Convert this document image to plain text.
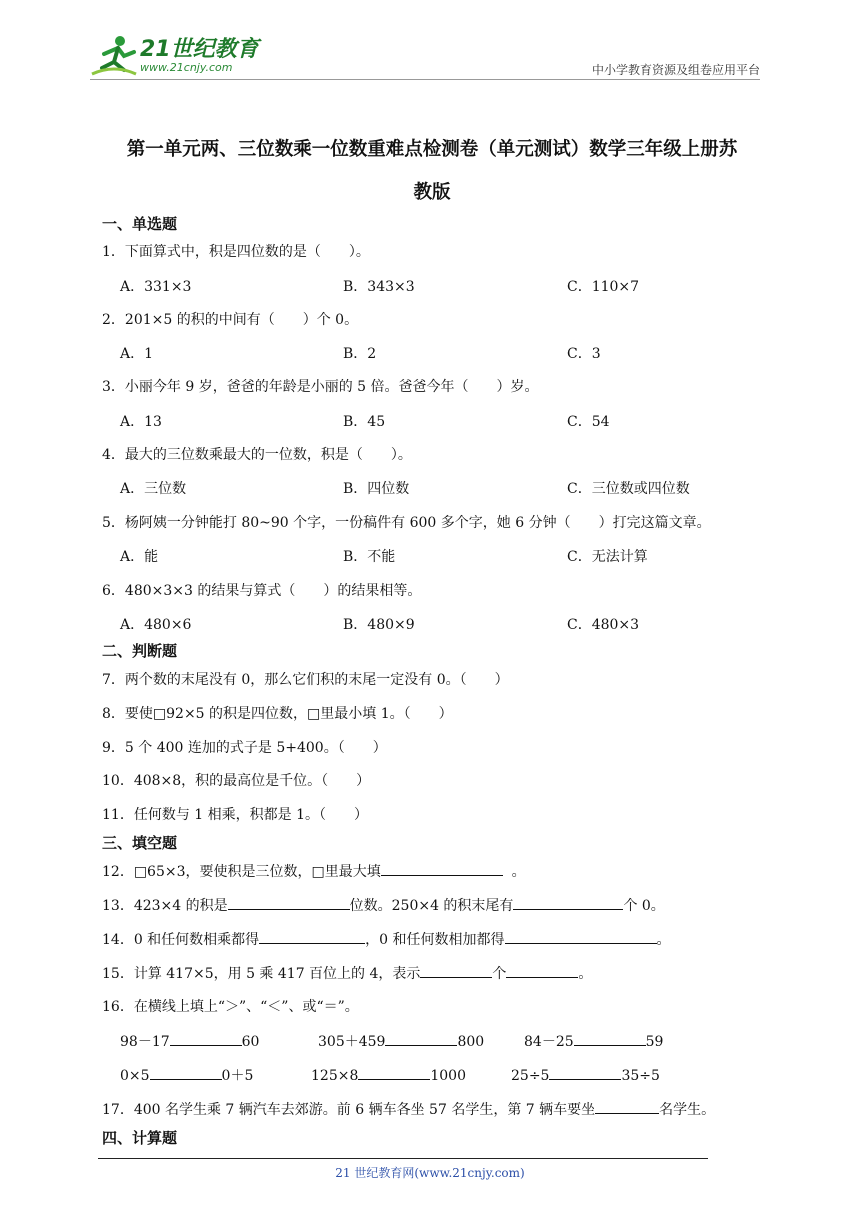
21世纪教育
www.21cnjy.com	中小学教育资源及组卷应用平台
第一单元两、三位数乘一位数重难点检测卷（单元测试）数学三年级上册苏
教版
一、单选题
1．下面算式中，积是四位数的是（　　）。
A．331×3	B．343×3	C．110×7
2．201×5 的积的中间有（　　）个 0。
A．1	B．2	C．3
3．小丽今年 9 岁，爸爸的年龄是小丽的 5 倍。爸爸今年（　　）岁。
A．13	B．45	C．54
4．最大的三位数乘最大的一位数，积是（　　）。
A．三位数	B．四位数	C．三位数或四位数
5．杨阿姨一分钟能打 80~90 个字，一份稿件有 600 多个字，她 6 分钟（　　）打完这篇文章。
A．能	B．不能	C．无法计算
6．480×3×3 的结果与算式（　　）的结果相等。
A．480×6	B．480×9	C．480×3
二、判断题
7．两个数的末尾没有 0，那么它们积的末尾一定没有 0。（　　）
8．要使□92×5 的积是四位数，□里最小填 1。（　　）
9．5 个 400 连加的式子是 5+400。（　　）
10．408×8，积的最高位是千位。（　　）
11．任何数与 1 相乘，积都是 1。（　　）
三、填空题
12．□65×3，要使积是三位数，□里最大填	。
13．423×4 的积是	位数。250×4 的积末尾有	个 0。
14．0 和任何数相乘都得	，0 和任何数相加都得	。
15．计算 417×5，用 5 乘 417 百位上的 4，表示	个	。
16．在横线上填上“＞”、“＜”、或“＝”。
98－17	60	305＋459	800	84－25	59
0×5	0＋5	125×8	1000	25÷5	35÷5
17．400 名学生乘 7 辆汽车去郊游。前 6 辆车各坐 57 名学生，第 7 辆车要坐	名学生。
四、计算题
21 世纪教育网(www.21cnjy.com)
